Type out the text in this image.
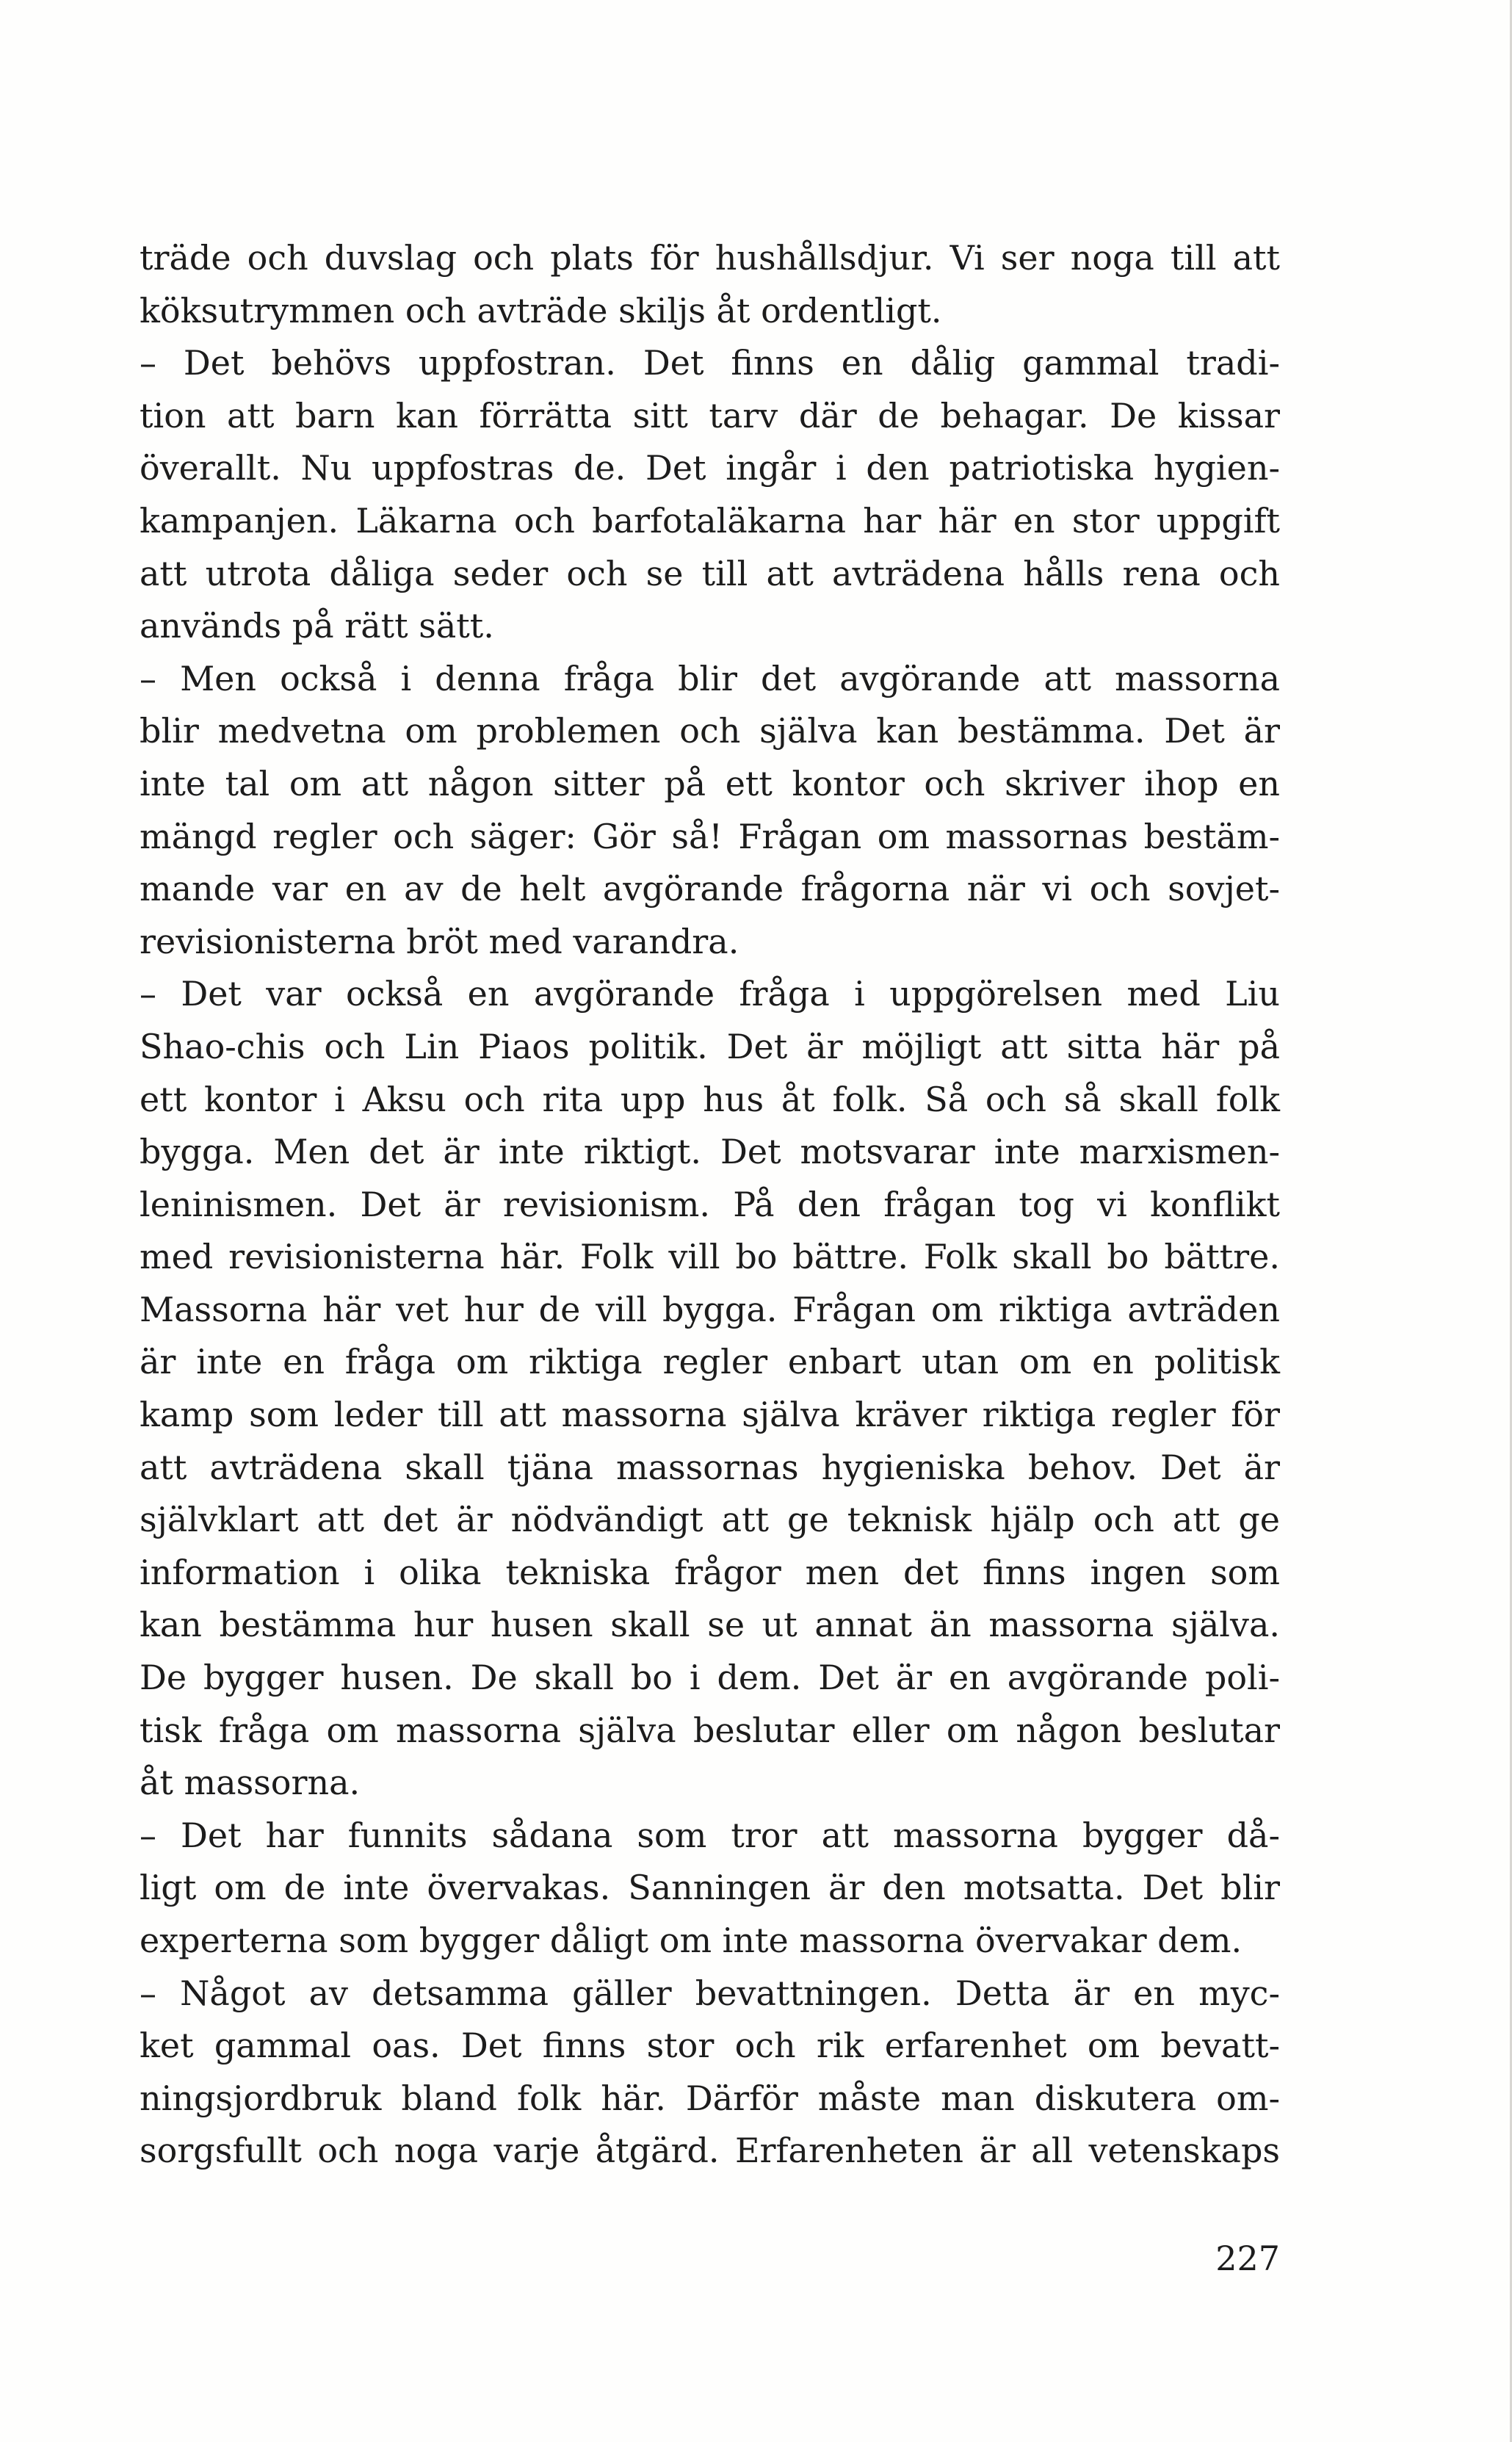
träde och duvslag och plats för hushållsdjur. Vi ser noga till att
köksutrymmen och avträde skiljs åt ordentligt.
– Det behövs uppfostran. Det finns en dålig gammal tradi-
tion att barn kan förrätta sitt tarv där de behagar. De kissar
överallt. Nu uppfostras de. Det ingår i den patriotiska hygien-
kampanjen. Läkarna och barfotaläkarna har här en stor uppgift
att utrota dåliga seder och se till att avträdena hålls rena och
används på rätt sätt.
– Men också i denna fråga blir det avgörande att massorna
blir medvetna om problemen och själva kan bestämma. Det är
inte tal om att någon sitter på ett kontor och skriver ihop en
mängd regler och säger: Gör så! Frågan om massornas bestäm-
mande var en av de helt avgörande frågorna när vi och sovjet-
revisionisterna bröt med varandra.
– Det var också en avgörande fråga i uppgörelsen med Liu
Shao-chis och Lin Piaos politik. Det är möjligt att sitta här på
ett kontor i Aksu och rita upp hus åt folk. Så och så skall folk
bygga. Men det är inte riktigt. Det motsvarar inte marxismen-
leninismen. Det är revisionism. På den frågan tog vi konflikt
med revisionisterna här. Folk vill bo bättre. Folk skall bo bättre.
Massorna här vet hur de vill bygga. Frågan om riktiga avträden
är inte en fråga om riktiga regler enbart utan om en politisk
kamp som leder till att massorna själva kräver riktiga regler för
att avträdena skall tjäna massornas hygieniska behov. Det är
självklart att det är nödvändigt att ge teknisk hjälp och att ge
information i olika tekniska frågor men det finns ingen som
kan bestämma hur husen skall se ut annat än massorna själva.
De bygger husen. De skall bo i dem. Det är en avgörande poli-
tisk fråga om massorna själva beslutar eller om någon beslutar
åt massorna.
– Det har funnits sådana som tror att massorna bygger då-
ligt om de inte övervakas. Sanningen är den motsatta. Det blir
experterna som bygger dåligt om inte massorna övervakar dem.
– Något av detsamma gäller bevattningen. Detta är en myc-
ket gammal oas. Det finns stor och rik erfarenhet om bevatt-
ningsjordbruk bland folk här. Därför måste man diskutera om-
sorgsfullt och noga varje åtgärd. Erfarenheten är all vetenskaps
227
